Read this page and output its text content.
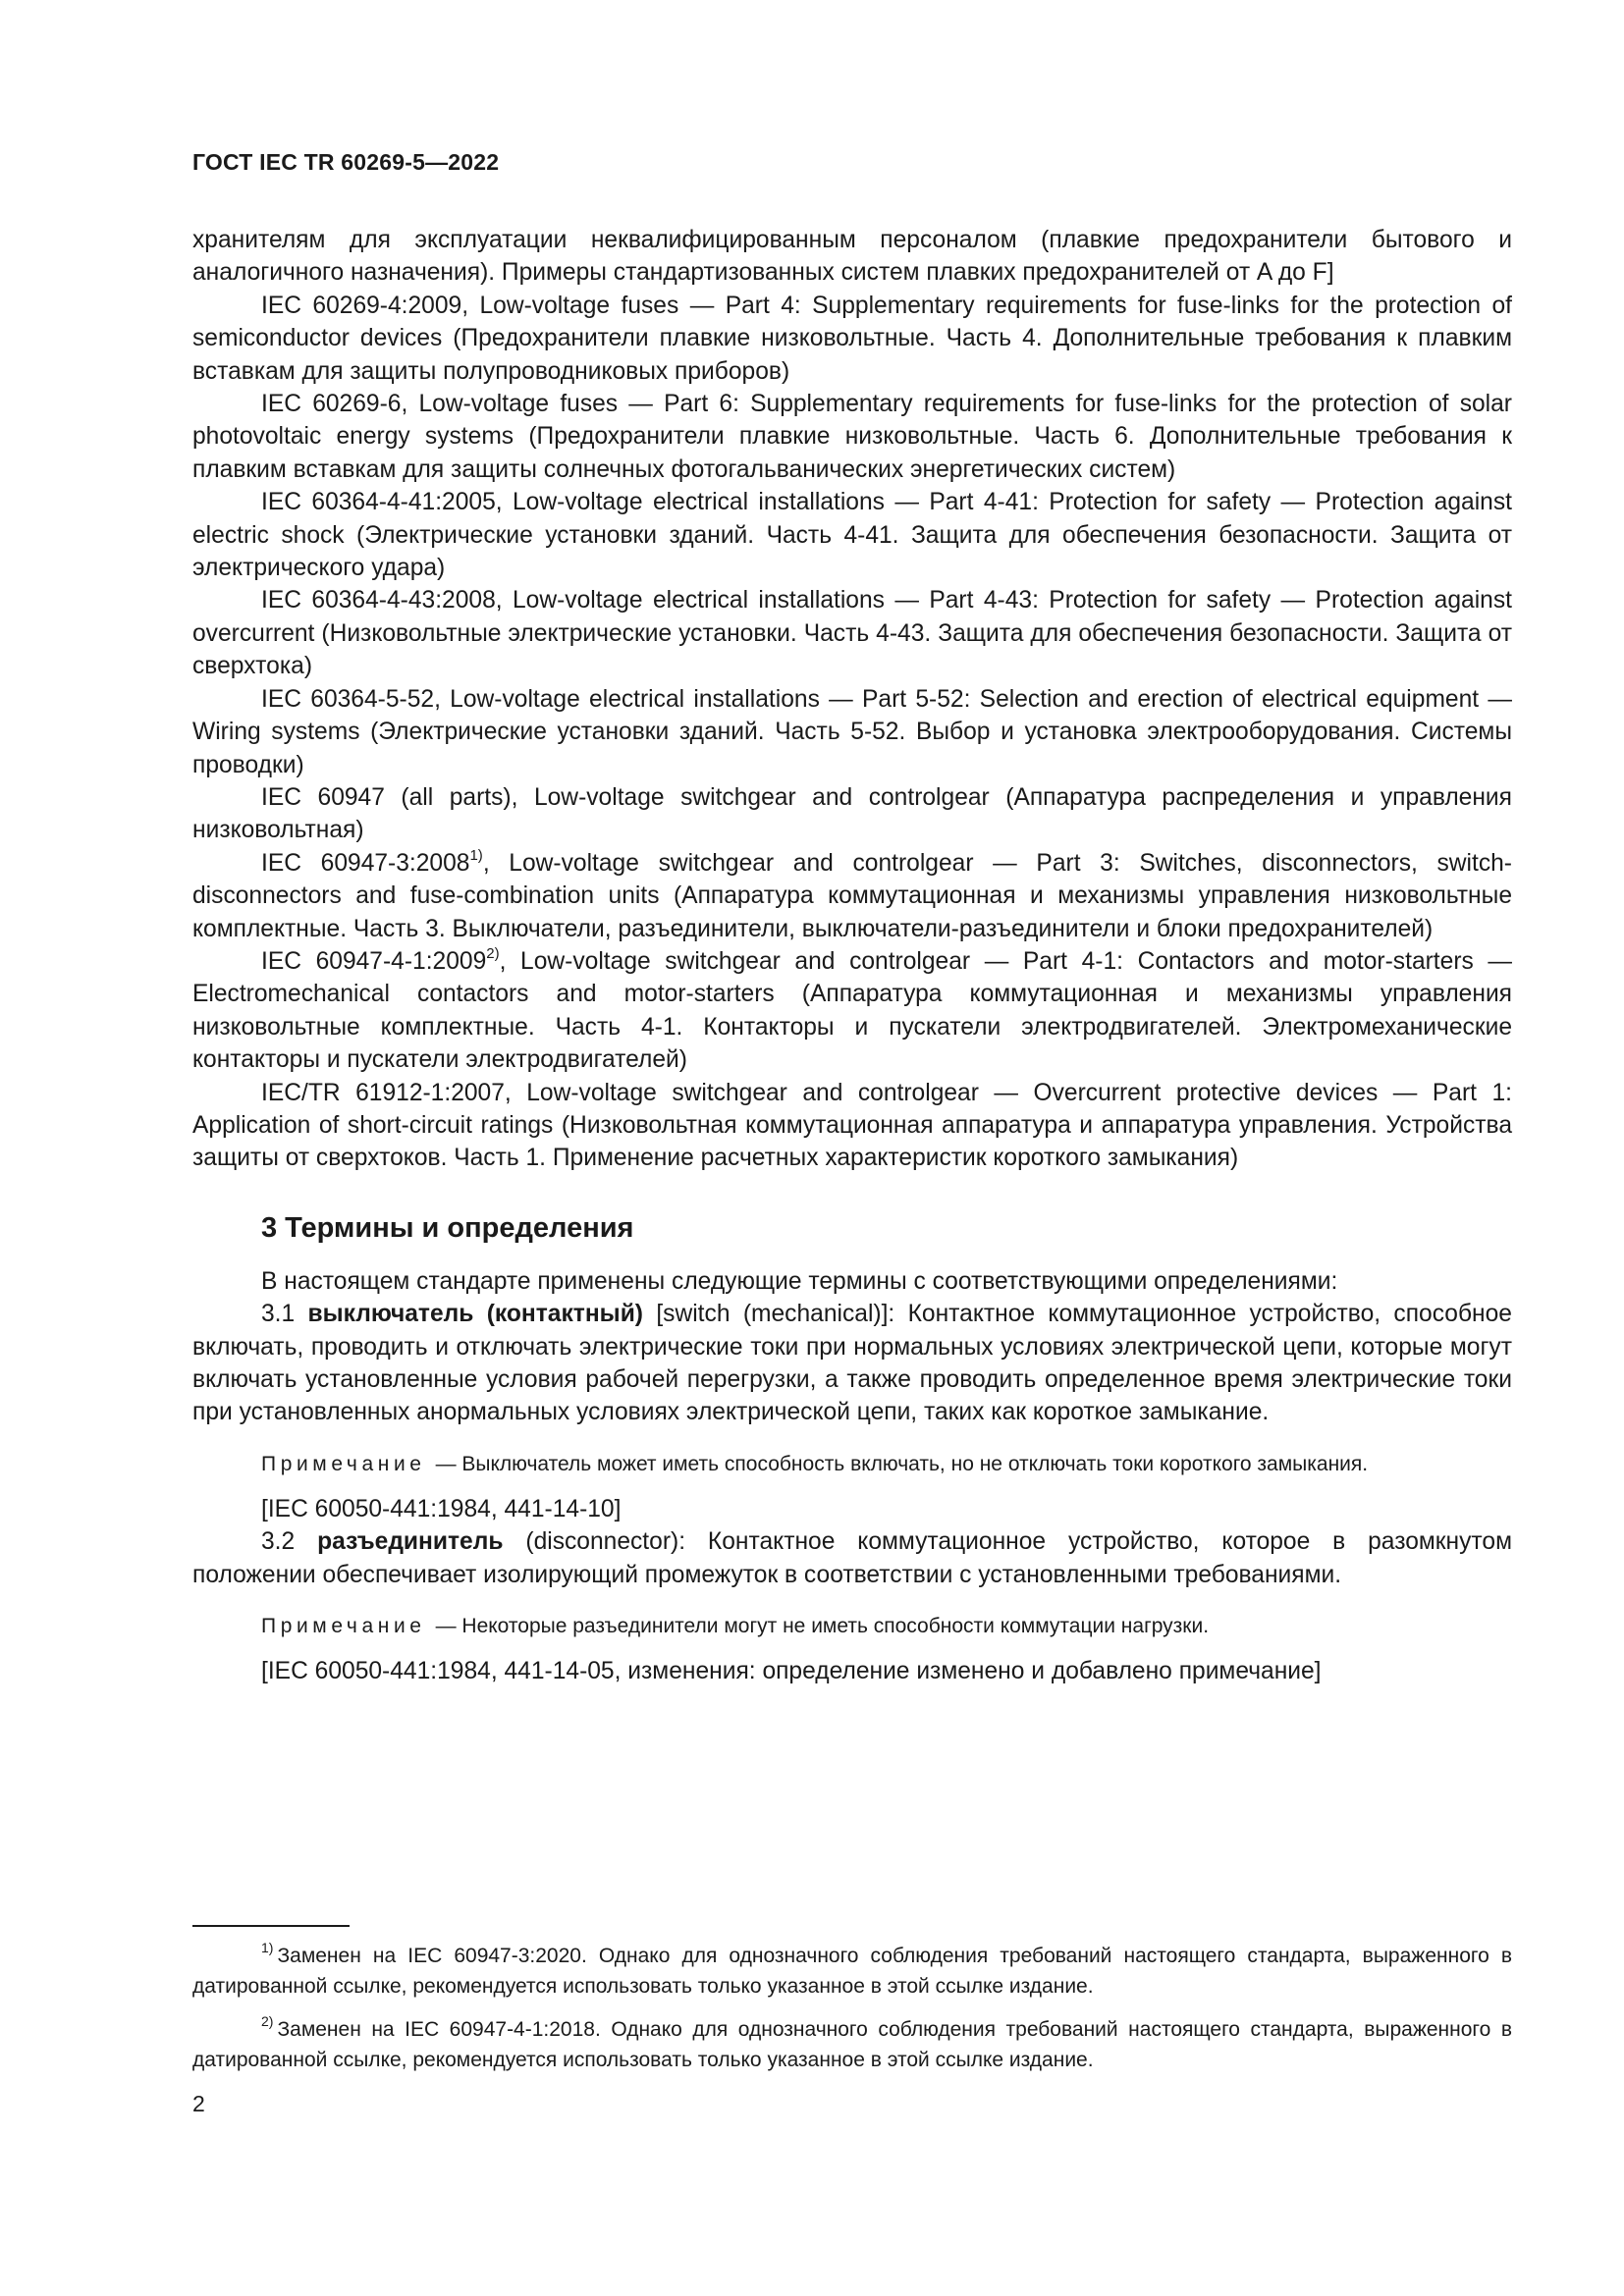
ГОСТ IEC TR 60269-5—2022

хранителям для эксплуатации неквалифицированным персоналом (плавкие предохранители бытового и аналогичного назначения). Примеры стандартизованных систем плавких предохранителей от A до F]

IEC 60269-4:2009, Low-voltage fuses — Part 4: Supplementary requirements for fuse-links for the protection of semiconductor devices (Предохранители плавкие низковольтные. Часть 4. Дополнительные требования к плавким вставкам для защиты полупроводниковых приборов)

IEC 60269-6, Low-voltage fuses — Part 6: Supplementary requirements for fuse-links for the protection of solar photovoltaic energy systems (Предохранители плавкие низковольтные. Часть 6. Дополнительные требования к плавким вставкам для защиты солнечных фотогальванических энергетических систем)

IEC 60364-4-41:2005, Low-voltage electrical installations — Part 4-41: Protection for safety — Protection against electric shock (Электрические установки зданий. Часть 4-41. Защита для обеспечения безопасности. Защита от электрического удара)

IEC 60364-4-43:2008, Low-voltage electrical installations — Part 4-43: Protection for safety — Protection against overcurrent (Низковольтные электрические установки. Часть 4-43. Защита для обеспечения безопасности. Защита от сверхтока)

IEC 60364-5-52, Low-voltage electrical installations — Part 5-52: Selection and erection of electrical equipment — Wiring systems (Электрические установки зданий. Часть 5-52. Выбор и установка электрооборудования. Системы проводки)

IEC 60947 (all parts), Low-voltage switchgear and controlgear (Аппаратура распределения и управления низковольтная)

IEC 60947-3:2008$^{1)}$, Low-voltage switchgear and controlgear — Part 3: Switches, disconnectors, switch-disconnectors and fuse-combination units (Аппаратура коммутационная и механизмы управления низковольтные комплектные. Часть 3. Выключатели, разъединители, выключатели-разъединители и блоки предохранителей)

IEC 60947-4-1:2009$^{2)}$, Low-voltage switchgear and controlgear — Part 4-1: Contactors and motor-starters — Electromechanical contactors and motor-starters (Аппаратура коммутационная и механизмы управления низковольтные комплектные. Часть 4-1. Контакторы и пускатели электродвигателей. Электромеханические контакторы и пускатели электродвигателей)

IEC/TR 61912-1:2007, Low-voltage switchgear and controlgear — Overcurrent protective devices — Part 1: Application of short-circuit ratings (Низковольтная коммутационная аппаратура и аппаратура управления. Устройства защиты от сверхтоков. Часть 1. Применение расчетных характеристик короткого замыкания)

3 Термины и определения

В настоящем стандарте применены следующие термины с соответствующими определениями:

3.1 выключатель (контактный) [switch (mechanical)]: Контактное коммутационное устройство, способное включать, проводить и отключать электрические токи при нормальных условиях электрической цепи, которые могут включать установленные условия рабочей перегрузки, а также проводить определенное время электрические токи при установленных анормальных условиях электрической цепи, таких как короткое замыкание.

Примечание — Выключатель может иметь способность включать, но не отключать токи короткого замыкания.

[IEC 60050-441:1984, 441-14-10]

3.2 разъединитель (disconnector): Контактное коммутационное устройство, которое в разомкнутом положении обеспечивает изолирующий промежуток в соответствии с установленными требованиями.

Примечание — Некоторые разъединители могут не иметь способности коммутации нагрузки.

[IEC 60050-441:1984, 441-14-05, изменения: определение изменено и добавлено примечание]

$^{1)}$ Заменен на IEC 60947-3:2020. Однако для однозначного соблюдения требований настоящего стандарта, выраженного в датированной ссылке, рекомендуется использовать только указанное в этой ссылке издание.

$^{2)}$ Заменен на IEC 60947-4-1:2018. Однако для однозначного соблюдения требований настоящего стандарта, выраженного в датированной ссылке, рекомендуется использовать только указанное в этой ссылке издание.

2
